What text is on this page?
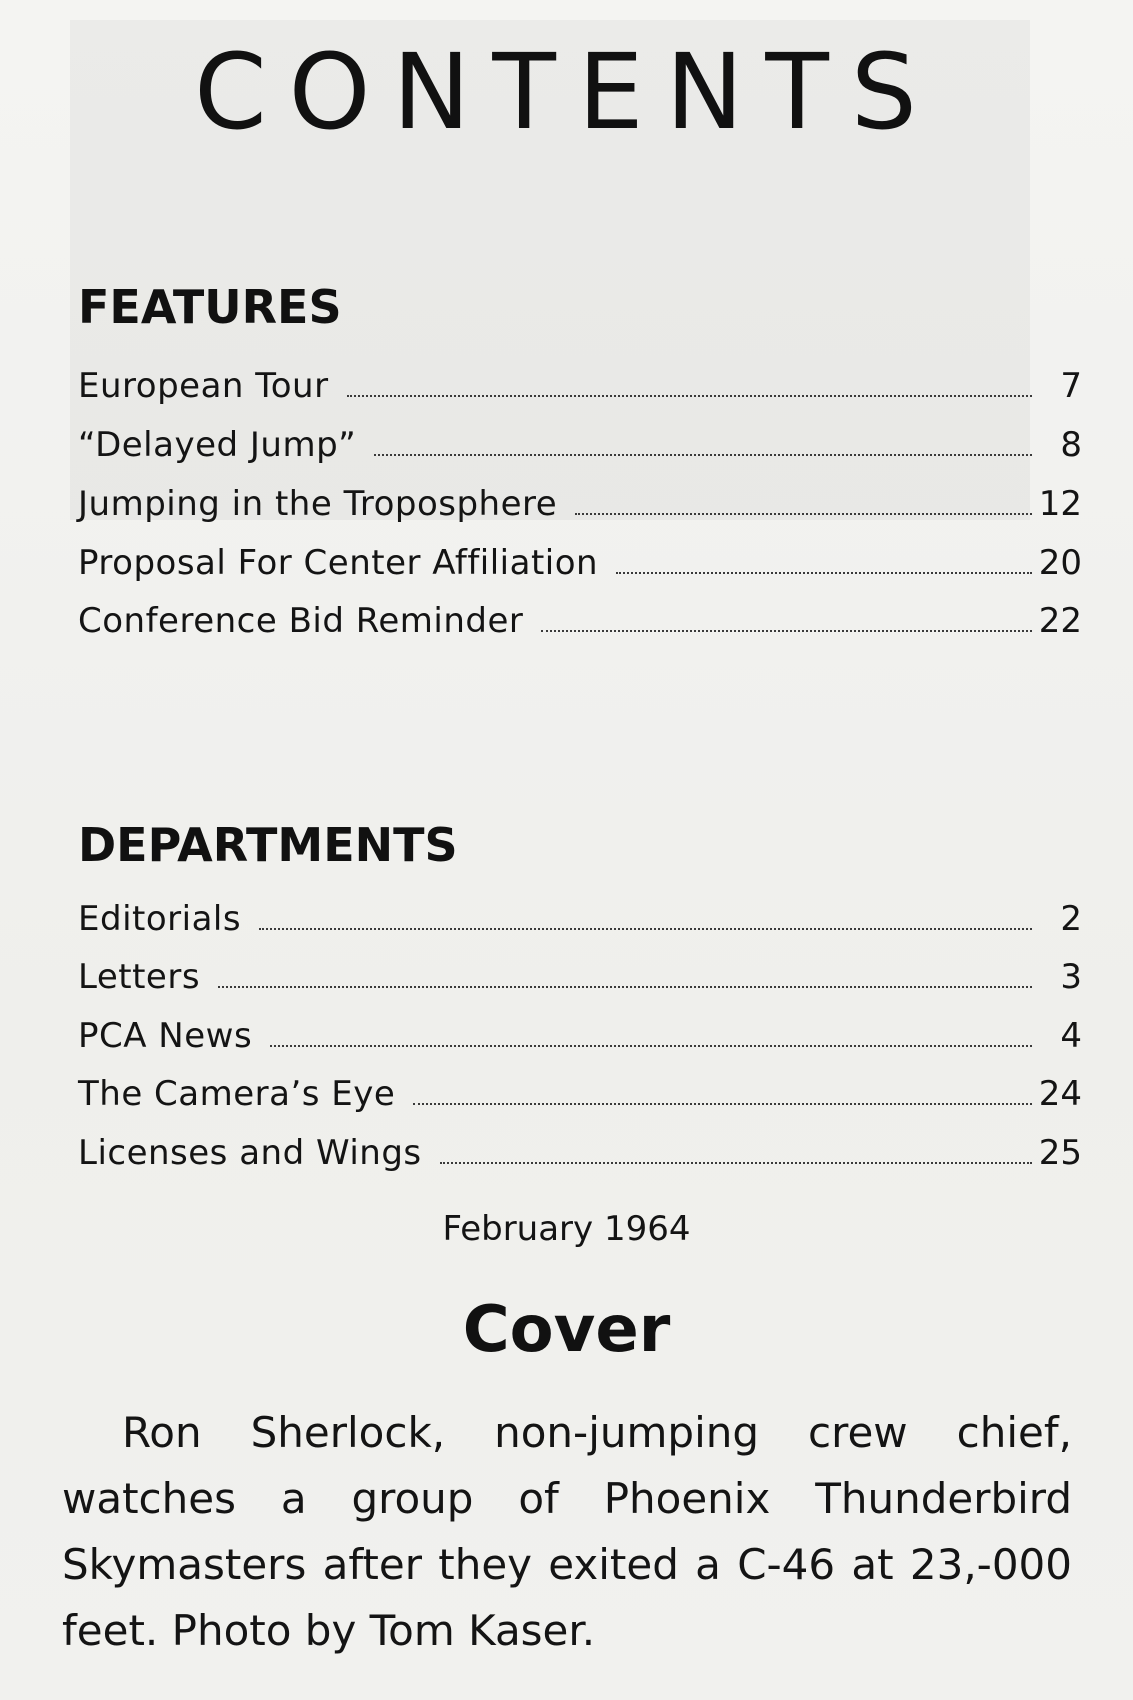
CONTENTS
FEATURES
European Tour	7
“Delayed Jump”	8
Jumping in the Troposphere	12
Proposal For Center Affiliation	20
Conference Bid Reminder	22
DEPARTMENTS
Editorials	2
Letters	3
PCA News	4
The Camera’s Eye	24
Licenses and Wings	25
February 1964
Cover
Ron Sherlock, non-jumping crew chief, watches a group of Phoenix Thunderbird Skymasters after they exited a C-46 at 23,-000 feet. Photo by Tom Kaser.
